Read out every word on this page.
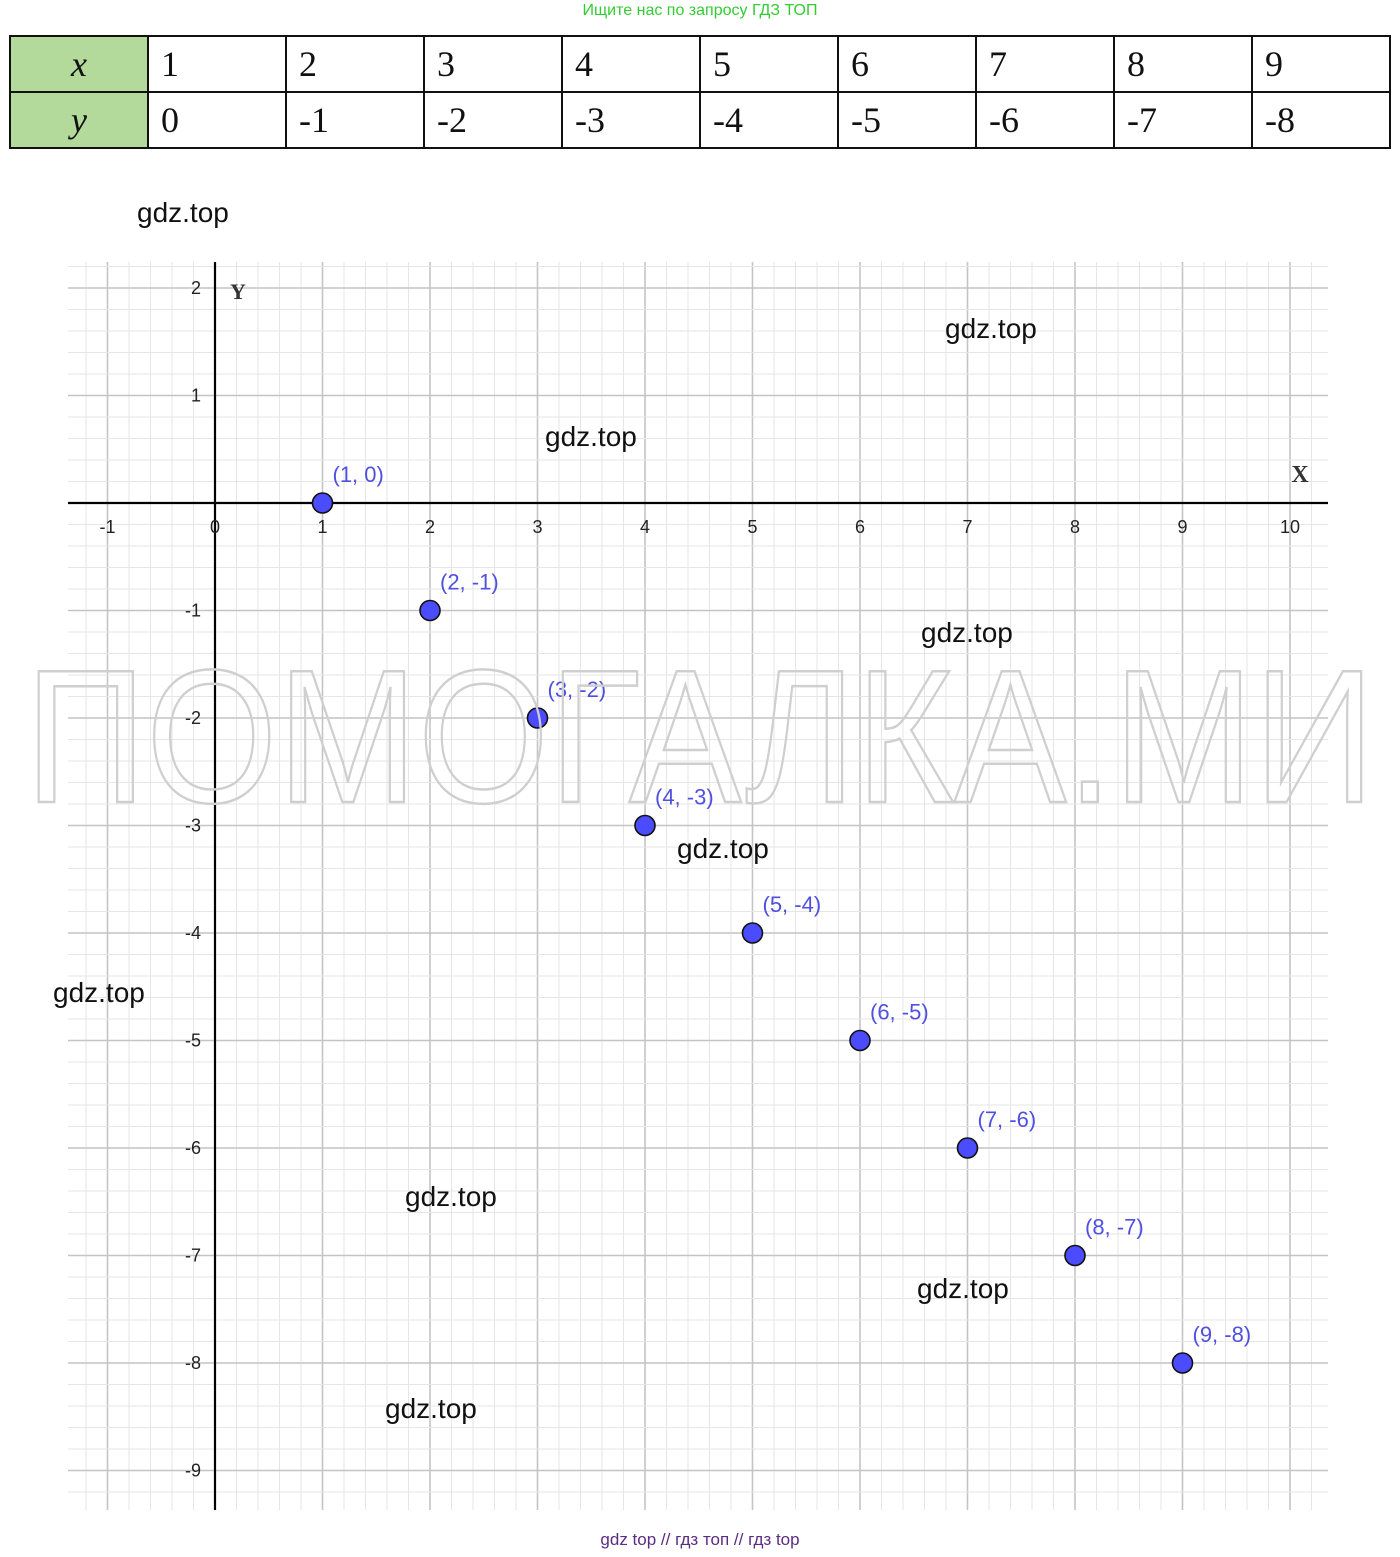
Ищите нас по запросу ГДЗ ТОП
x	1	2	3	4	5	6	7	8	9
y	0	-1	-2	-3	-4	-5	-6	-7	-8
X
Y
-1	0	1	2	3	4	5	6	7	8	9	10
2
1
-1
-2
-3
-4
-5
-6
-7
-8
-9
(1, 0)
(2, -1)
(3, -2)
(4, -3)
(5, -4)
(6, -5)
(7, -6)
(8, -7)
(9, -8)
ПОМОГАЛКА.МИ
gdz.top
gdz.top
gdz.top
gdz.top
gdz.top
gdz.top
gdz.top
gdz.top
gdz.top
gdz top // гдз топ // гдз top
